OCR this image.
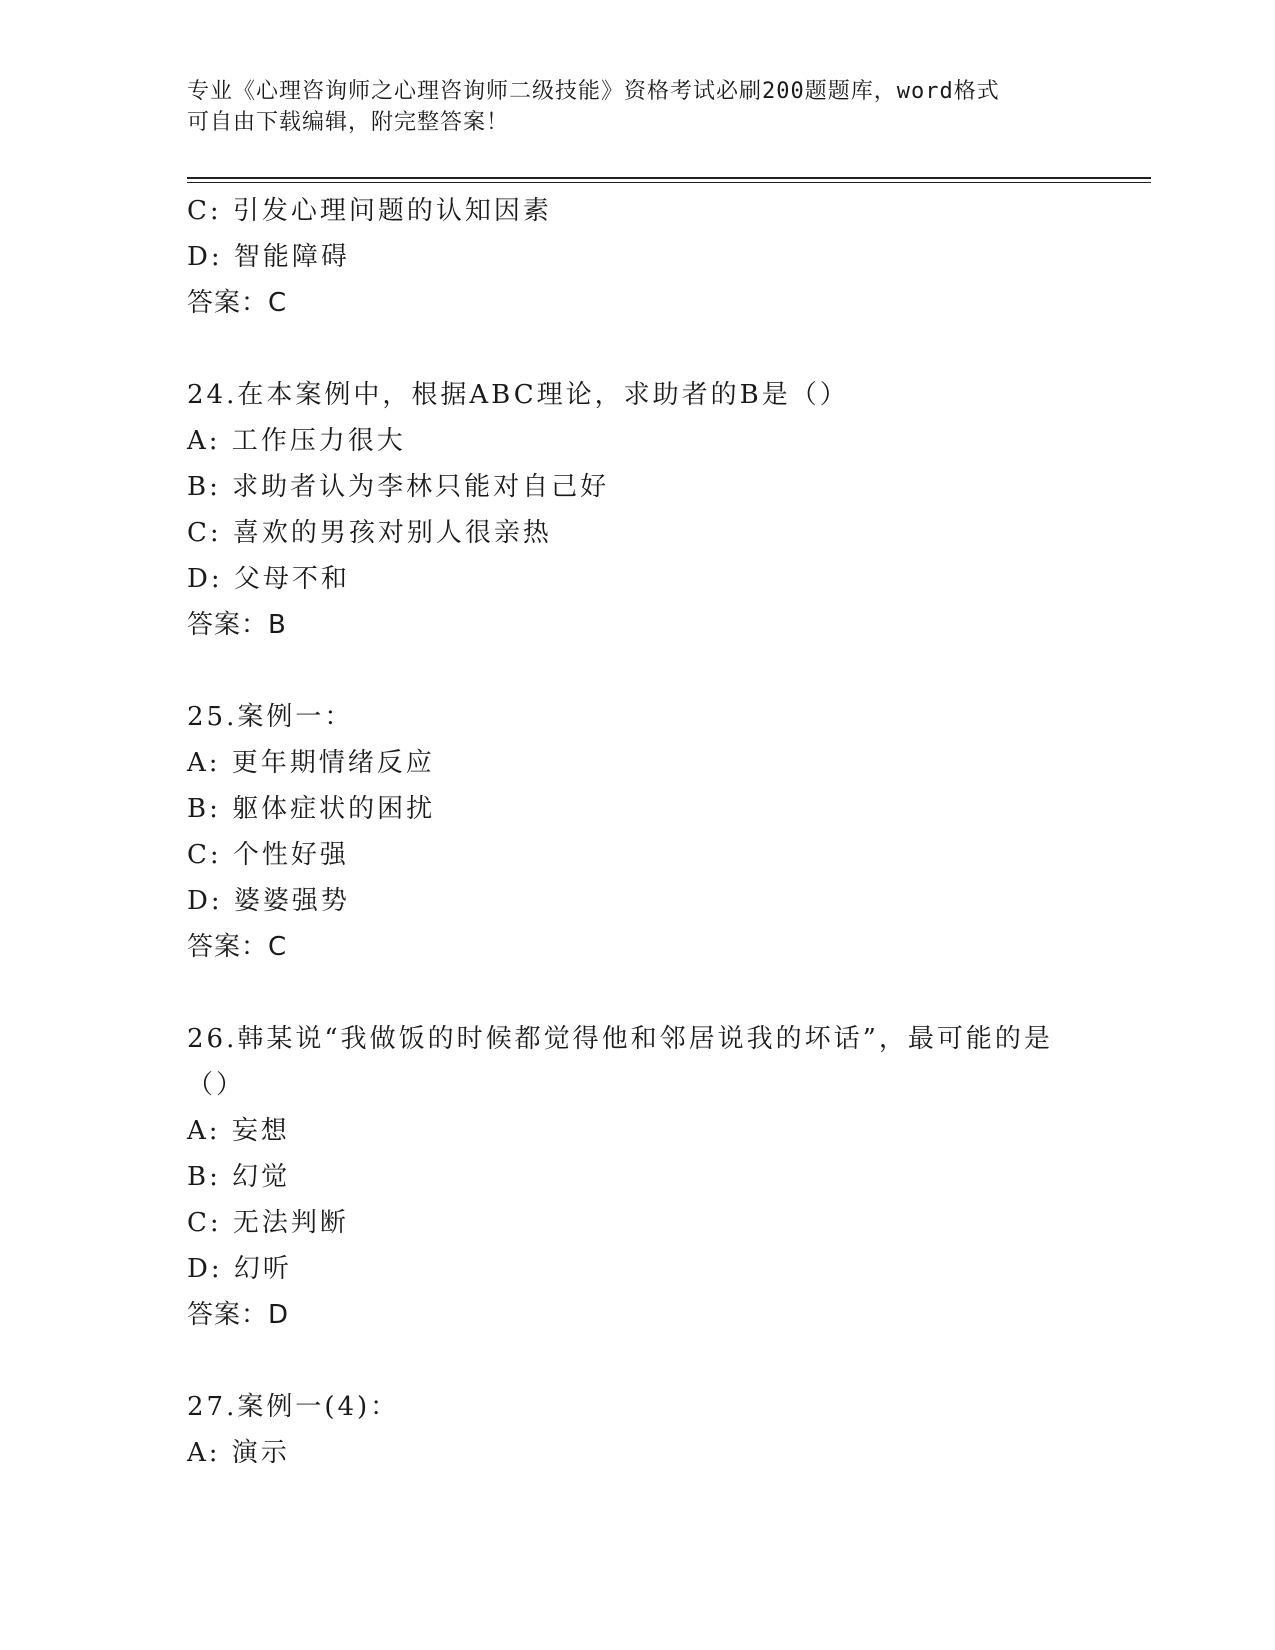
专业《心理咨询师之心理咨询师二级技能》资格考试必刷200题题库，word格式
可自由下载编辑，附完整答案！
C: 引发心理问题的认知因素
D: 智能障碍
答案：C
24.在本案例中，根据ABC理论，求助者的B是（）
A: 工作压力很大
B: 求助者认为李林只能对自己好
C: 喜欢的男孩对别人很亲热
D: 父母不和
答案：B
25.案例一：
A: 更年期情绪反应
B: 躯体症状的困扰
C: 个性好强
D: 婆婆强势
答案：C
26.韩某说“我做饭的时候都觉得他和邻居说我的坏话”，最可能的是
（）
A: 妄想
B: 幻觉
C: 无法判断
D: 幻听
答案：D
27.案例一(4)：
A: 演示
